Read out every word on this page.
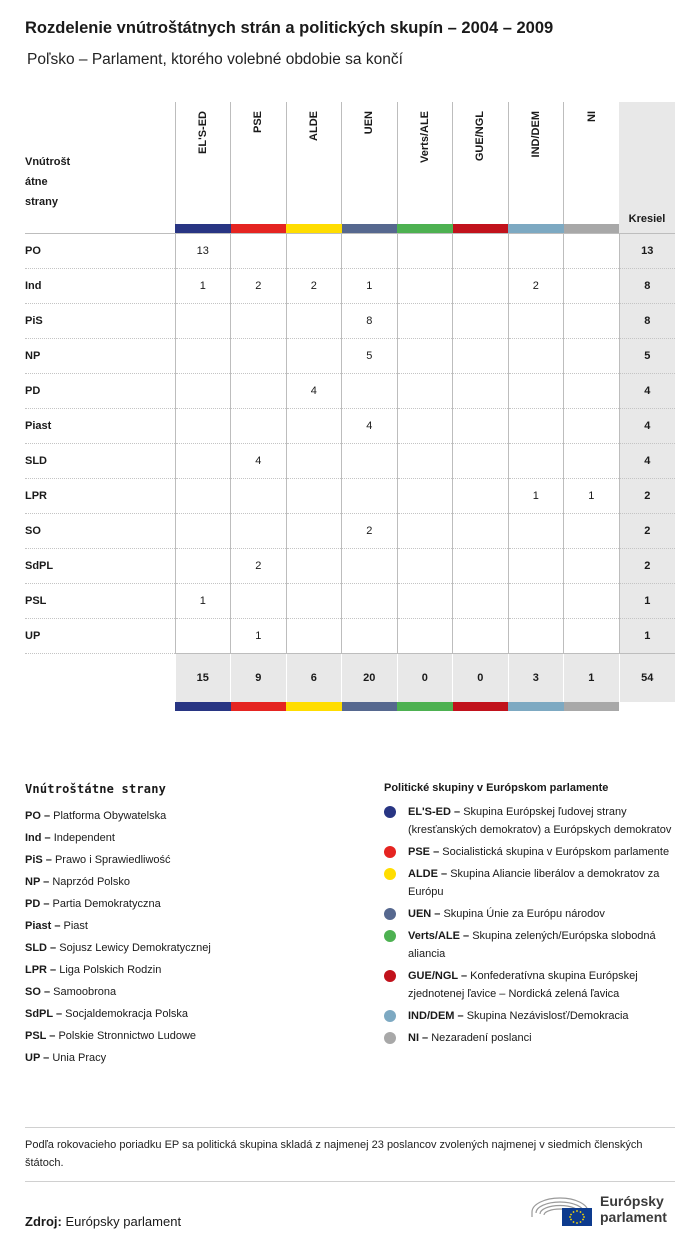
Rozdelenie vnútroštátnych strán a politických skupín – 2004 – 2009
Poľsko – Parlament, ktorého volebné obdobie sa končí
Vnútrošt
átne
strany	EL'S-ED	PSE	ALDE	UEN	Verts/ALE	GUE/NGL	IND/DEM	NI	Kresiel

PO	13								13
Ind	1	2	2	1			2		8
PiS				8					8
NP				5					5
PD			4						4
Piast				4					4
SLD		4							4
LPR							1	1	2
SO				2					2
SdPL		2							2
PSL	1								1
UP		1							1
	15	9	6	20	0	0	3	1	54

Vnútroštátne strany
PO – Platforma Obywatelska
Ind – Independent
PiS – Prawo i Sprawiedliwość
NP – Naprzód Polsko
PD – Partia Demokratyczna
Piast – Piast
SLD – Sojusz Lewicy Demokratycznej
LPR – Liga Polskich Rodzin
SO – Samoobrona
SdPL – Socjaldemokracja Polska
PSL – Polskie Stronnictwo Ludowe
UP – Unia Pracy
Politické skupiny v Európskom parlamente
EL'S-ED – Skupina Európskej ľudovej strany (kresťanských demokratov) a Európskych demokratov
PSE – Socialistická skupina v Európskom parlamente
ALDE – Skupina Aliancie liberálov a demokratov za Európu
UEN – Skupina Únie za Európu národov
Verts/ALE – Skupina zelených/Európska slobodná aliancia
GUE/NGL – Konfederatívna skupina Európskej zjednotenej ľavice – Nordická zelená ľavica
IND/DEM – Skupina Nezávislosť/Demokracia
NI – Nezaradení poslanci
Podľa rokovacieho poriadku EP sa politická skupina skladá z najmenej 23 poslancov zvolených najmenej v siedmich členských štátoch.
Zdroj: Európsky parlament
Európsky
parlament
